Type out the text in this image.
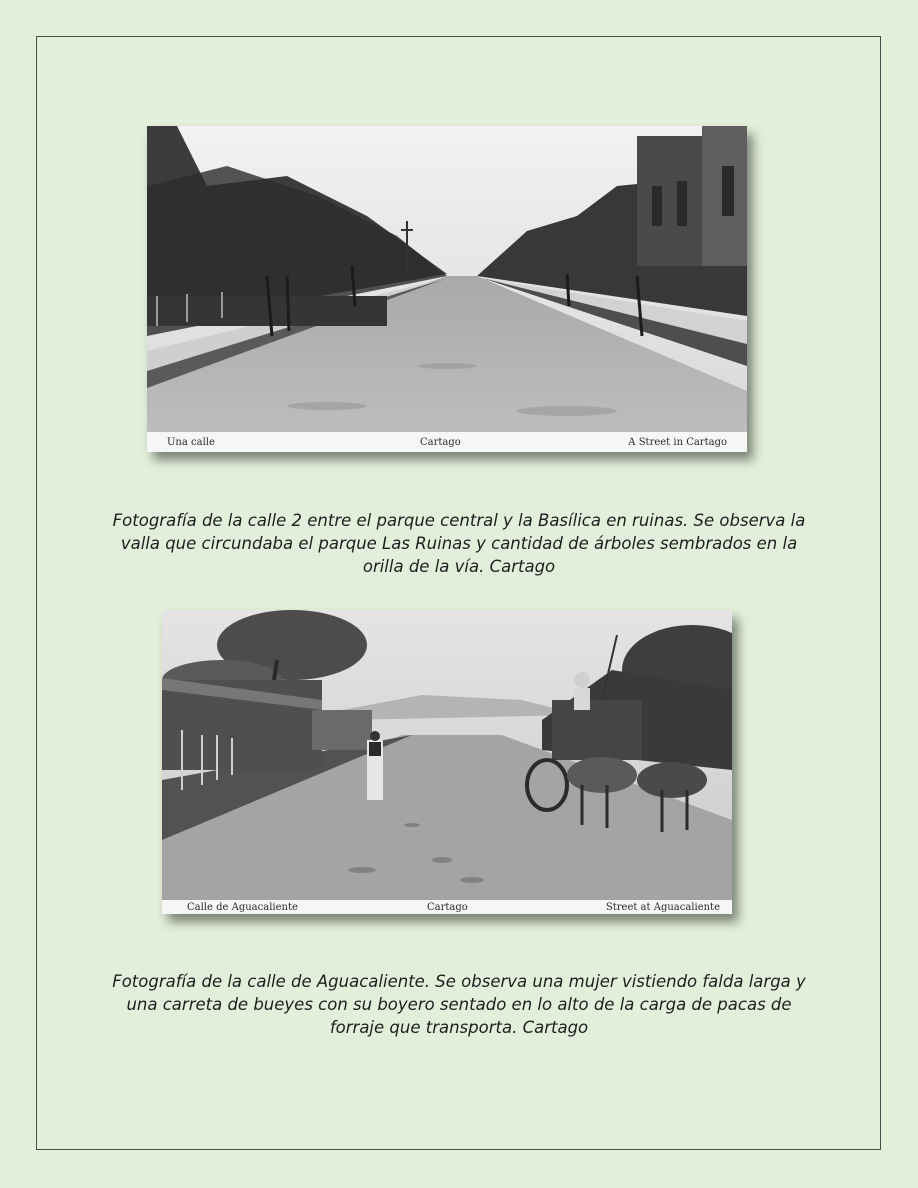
Una calle	Cartago	A Street in Cartago
Fotografía de la calle 2 entre el parque central y la Basílica en ruinas. Se observa la valla que circundaba el parque Las Ruinas y cantidad de árboles sembrados en la orilla de la vía. Cartago
Calle de Aguacaliente	Cartago	Street at Aguacaliente
Fotografía de la calle de Aguacaliente. Se observa una mujer vistiendo falda larga y una carreta de bueyes con su boyero sentado en lo alto de la carga de pacas de forraje que transporta. Cartago
